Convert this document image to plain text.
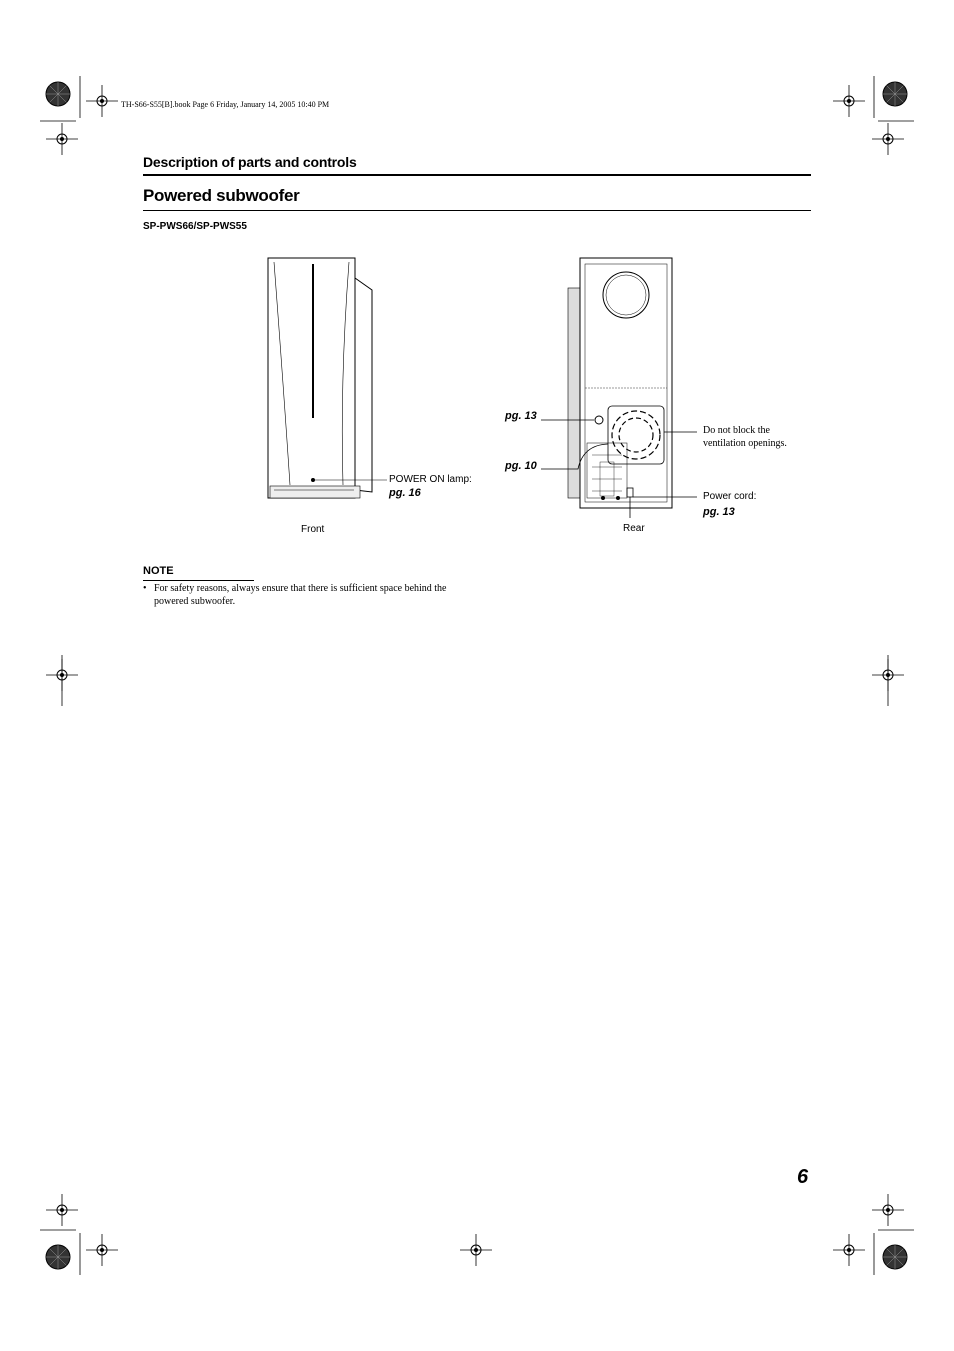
TH-S66-S55[B].book Page 6 Friday, January 14, 2005 10:40 PM
Description of parts and controls
Powered subwoofer
SP-PWS66/SP-PWS55
POWER ON lamp:
pg. 16
Front
pg. 13
pg. 10
Do not block the
ventilation openings.
Power cord:
pg. 13
Rear
NOTE
• For safety reasons, always ensure that there is sufficient space behind the powered subwoofer.
6
